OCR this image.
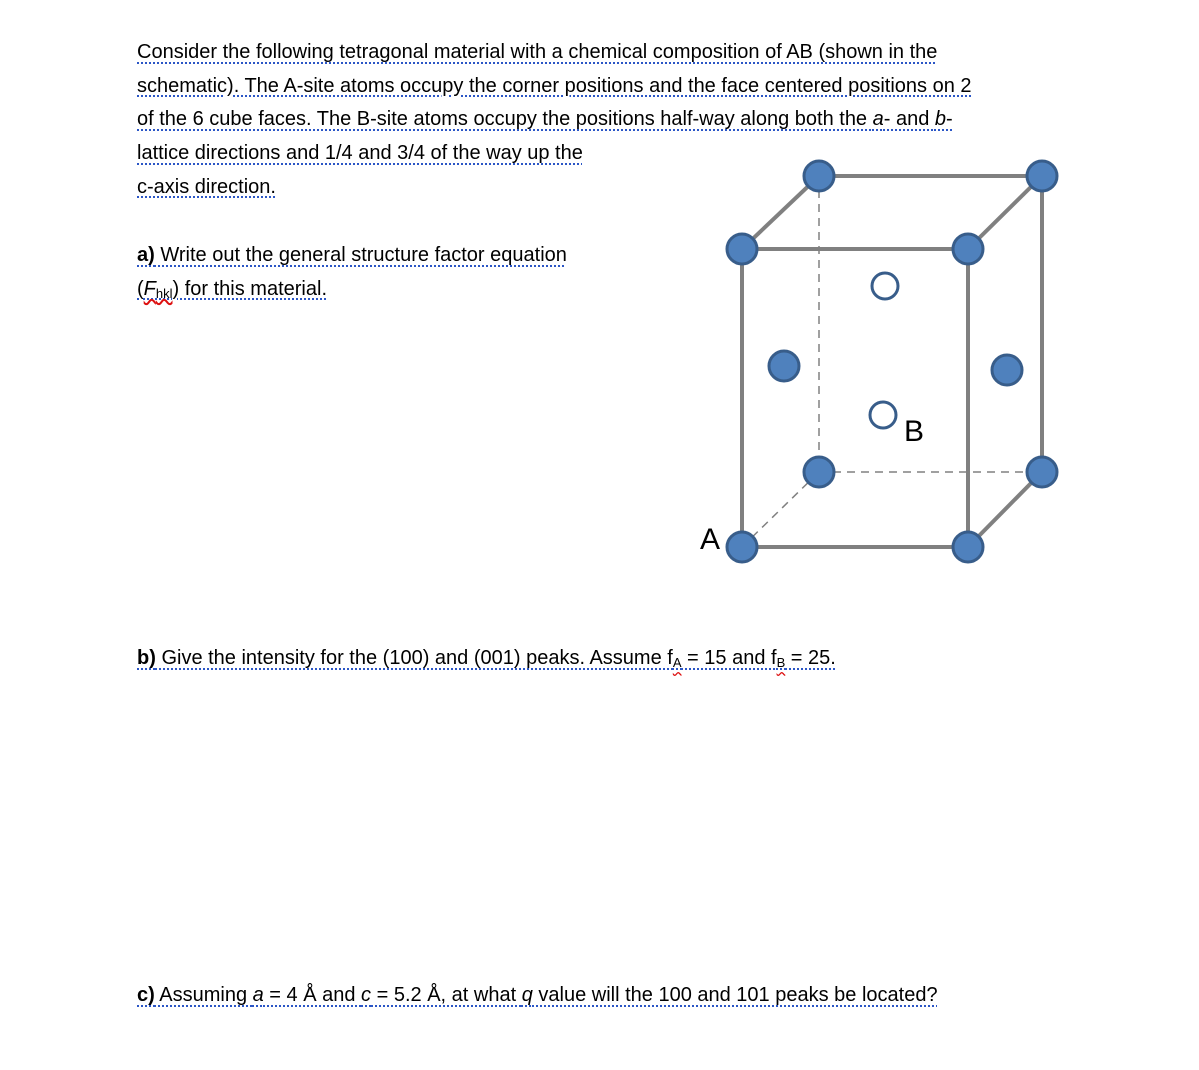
Consider the following tetragonal material with a chemical composition of AB (shown in the
schematic). The A-site atoms occupy the corner positions and the face centered positions on 2
of the 6 cube faces. The B-site atoms occupy the positions half-way along both the a- and b-
lattice directions and 1/4 and 3/4 of the way up the
c-axis direction.
a) Write out the general structure factor equation
$(F_{hkl})$ for this material.
b) Give the intensity for the (100) and (001) peaks. Assume $f_A = 15$ and $f_B = 25$.
c) Assuming a = 4 Å and c = 5.2 Å, at what q value will the 100 and 101 peaks be located?
A
B
